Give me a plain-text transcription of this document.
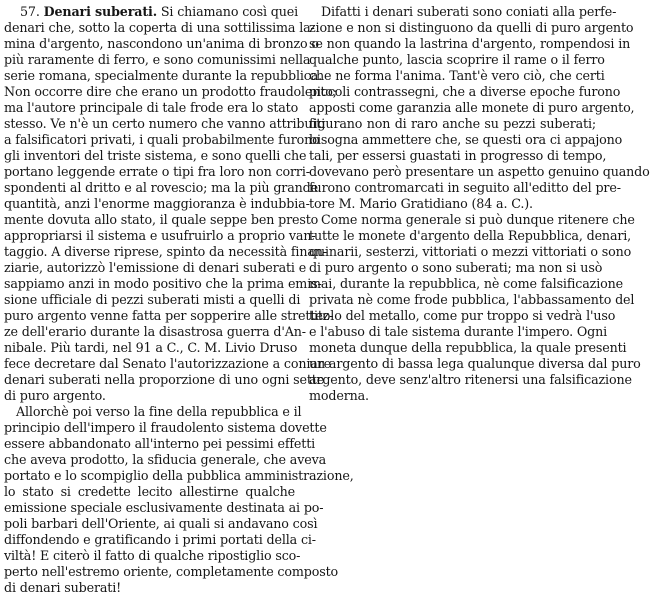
57. Denari suberati. Si chiamano così quei
denari che, sotto la coperta di una sottilissima la-
mina d'argento, nascondono un'anima di bronzo o
più raramente di ferro, e sono comunissimi nella
serie romana, specialmente durante la repubblica.
Non occorre dire che erano un prodotto fraudolento;
ma l'autore principale di tale frode era lo stato
stesso. Ve n'è un certo numero che vanno attribuiti
a falsificatori privati, i quali probabilmente furono
gli inventori del triste sistema, e sono quelli che
portano leggende errate o tipi fra loro non corri-
spondenti al dritto e al rovescio; ma la più grande
quantità, anzi l'enorme maggioranza è indubbia-
mente dovuta allo stato, il quale seppe ben presto
appropriarsi il sistema e usufruirlo a proprio van-
taggio. A diverse riprese, spinto da necessità finan-
ziarie, autorizzò l'emissione di denari suberati e
sappiamo anzi in modo positivo che la prima emis-
sione ufficiale di pezzi suberati misti a quelli di
puro argento venne fatta per sopperire alle strettez-
ze dell'erario durante la disastrosa guerra d'An-
nibale. Più tardi, nel 91 a C., C. M. Livio Druso
fece decretare dal Senato l'autorizzazione a coniare
denari suberati nella proporzione di uno ogni sette
di puro argento.
Allorchè poi verso la fine della repubblica e il
principio dell'impero il fraudolento sistema dovette
essere abbandonato all'interno pei pessimi effetti
che aveva prodotto, la sfiducia generale, che aveva
portato e lo scompiglio della pubblica amministrazione,
lo stato si credette lecito allestirne qualche
emissione speciale esclusivamente destinata ai po-
poli barbari dell'Oriente, ai quali si andavano così
diffondendo e gratificando i primi portati della ci-
viltà! E citerò il fatto di qualche ripostiglio sco-
perto nell'estremo oriente, completamente composto
di denari suberati!
Difatti i denari suberati sono coniati alla perfe-
zione e non si distinguono da quelli di puro argento
se non quando la lastrina d'argento, rompendosi in
qualche punto, lascia scoprire il rame o il ferro
che ne forma l'anima. Tant'è vero ciò, che certi
piccoli contrassegni, che a diverse epoche furono
apposti come garanzia alle monete di puro argento,
figurano non di raro anche su pezzi suberati;
bisogna ammettere che, se questi ora ci appajono
tali, per essersi guastati in progresso di tempo,
dovevano però presentare un aspetto genuino quando
furono contromarcati in seguito all'editto del pre-
tore M. Mario Gratidiano (84 a. C.).
Come norma generale si può dunque ritenere che
tutte le monete d'argento della Repubblica, denari,
quinarii, sesterzi, vittoriati o mezzi vittoriati o sono
di puro argento o sono suberati; ma non si usò
mai, durante la repubblica, nè come falsificazione
privata nè come frode pubblica, l'abbassamento del
titolo del metallo, come pur troppo si vedrà l'uso
e l'abuso di tale sistema durante l'impero. Ogni
moneta dunque della repubblica, la quale presenti
un argento di bassa lega qualunque diversa dal puro
argento, deve senz'altro ritenersi una falsificazione
moderna.
